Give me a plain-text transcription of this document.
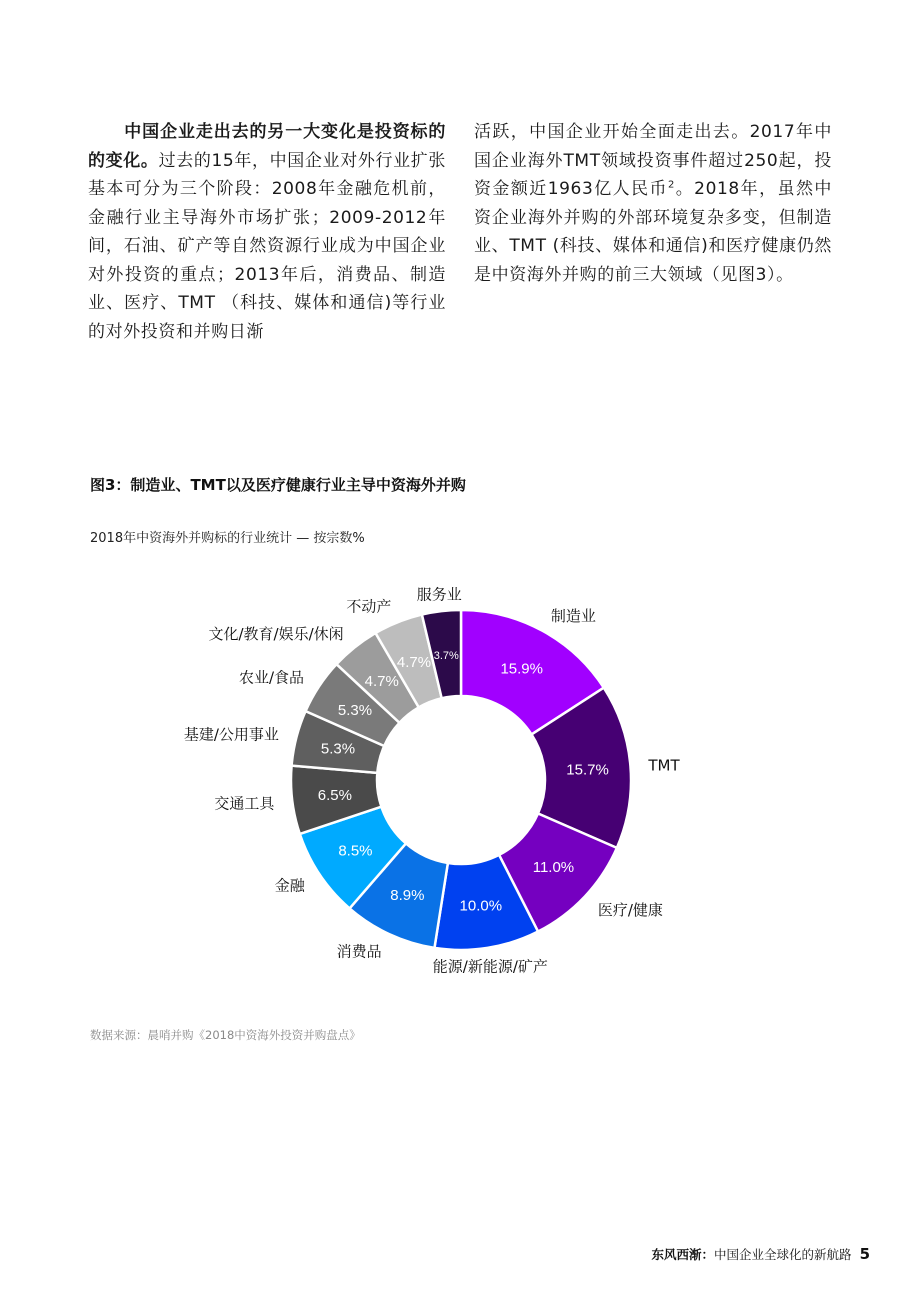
中国企业走出去的另一大变化是投资标的的变化。过去的15年，中国企业对外行业扩张基本可分为三个阶段：2008年金融危机前，金融行业主导海外市场扩张；2009-2012年间，石油、矿产等自然资源行业成为中国企业对外投资的重点；2013年后，消费品、制造业、医疗、TMT （科技、媒体和通信)等行业的对外投资和并购日渐
活跃，中国企业开始全面走出去。2017年中国企业海外TMT领域投资事件超过250起，投资金额近1963亿人民币$^2$。2018年，虽然中资企业海外并购的外部环境复杂多变，但制造业、TMT (科技、媒体和通信)和医疗健康仍然是中资海外并购的前三大领域（见图3）。
图3：制造业、TMT以及医疗健康行业主导中资海外并购
2018年中资海外并购标的行业统计 — 按宗数%
15.9%
15.7%
11.0%
10.0%
8.9%
8.5%
6.5%
5.3%
5.3%
4.7%
4.7% 3.7%
制造业
TMT
医疗/健康
能源/新能源/矿产
消费品
金融
交通工具
基建/公用事业
农业/食品
文化/教育/娱乐/休闲
不动产
服务业
数据来源：晨哨并购《2018中资海外投资并购盘点》
东风西渐：中国企业全球化的新航路 5
